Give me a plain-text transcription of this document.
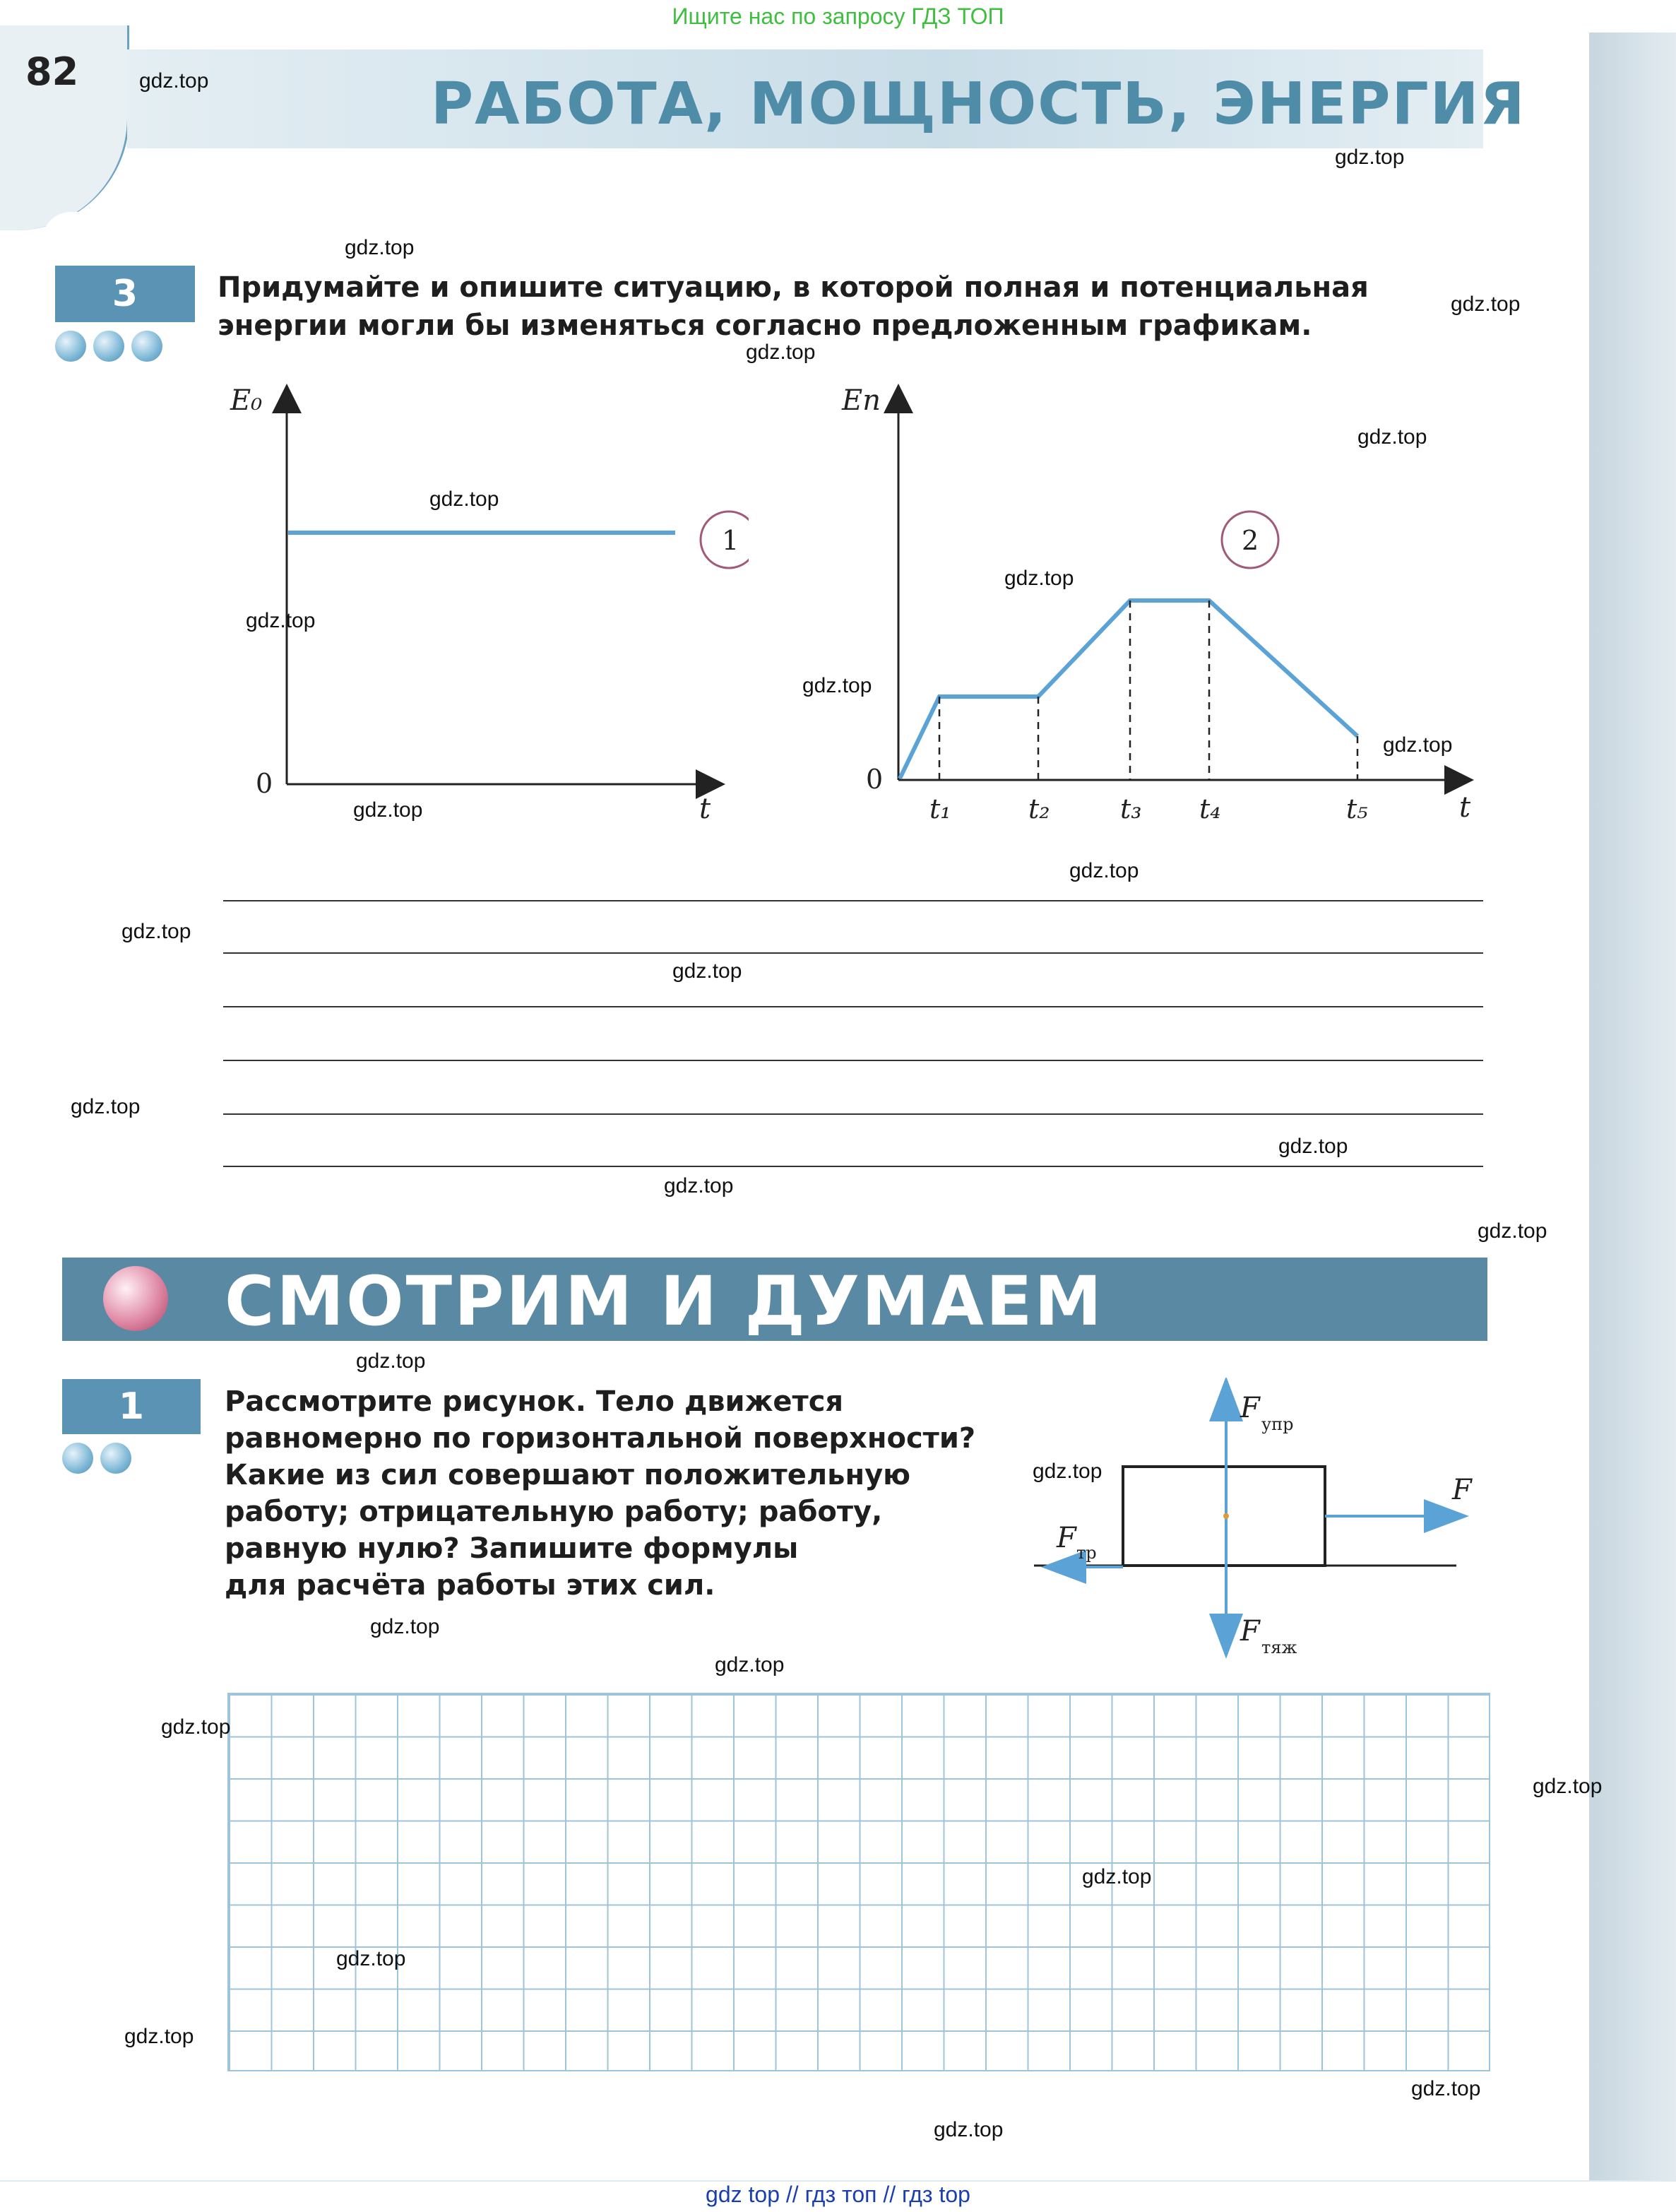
Ищите нас по запросу ГДЗ ТОП
82	РАБОТА, МОЩНОСТЬ, ЭНЕРГИЯ
3	Придумайте и опишите ситуацию, в которой полная и потенциальная
энергии могли бы изменяться согласно предложенным графикам.
1
E₀
0
t
2
Eп
0
t₁	t₂	t₃ t₄	t₅	t
СМОТРИМ И ДУМАЕМ
1	Рассмотрите рисунок. Тело движется
равномерно по горизонтальной поверхности?
Какие из сил совершают положительную
работу; отрицательную работу; работу,
равную нулю? Запишите формулы
для расчёта работы этих сил.
F упр
F
F тр
F тяж
gdz.top
gdz.top
gdz.top
gdz.top
gdz.top
gdz.top
gdz.top
gdz.top
gdz.top
gdz.top
gdz.top
gdz.top
gdz.top
gdz.top
gdz.top
gdz.top
gdz.top
gdz.top
gdz.top
gdz.top
gdz.top
gdz.top
gdz.top
gdz.top
gdz.top
gdz.top
gdz.top
gdz.top
gdz.top
gdz.top
gdz top // гдз топ // гдз top
